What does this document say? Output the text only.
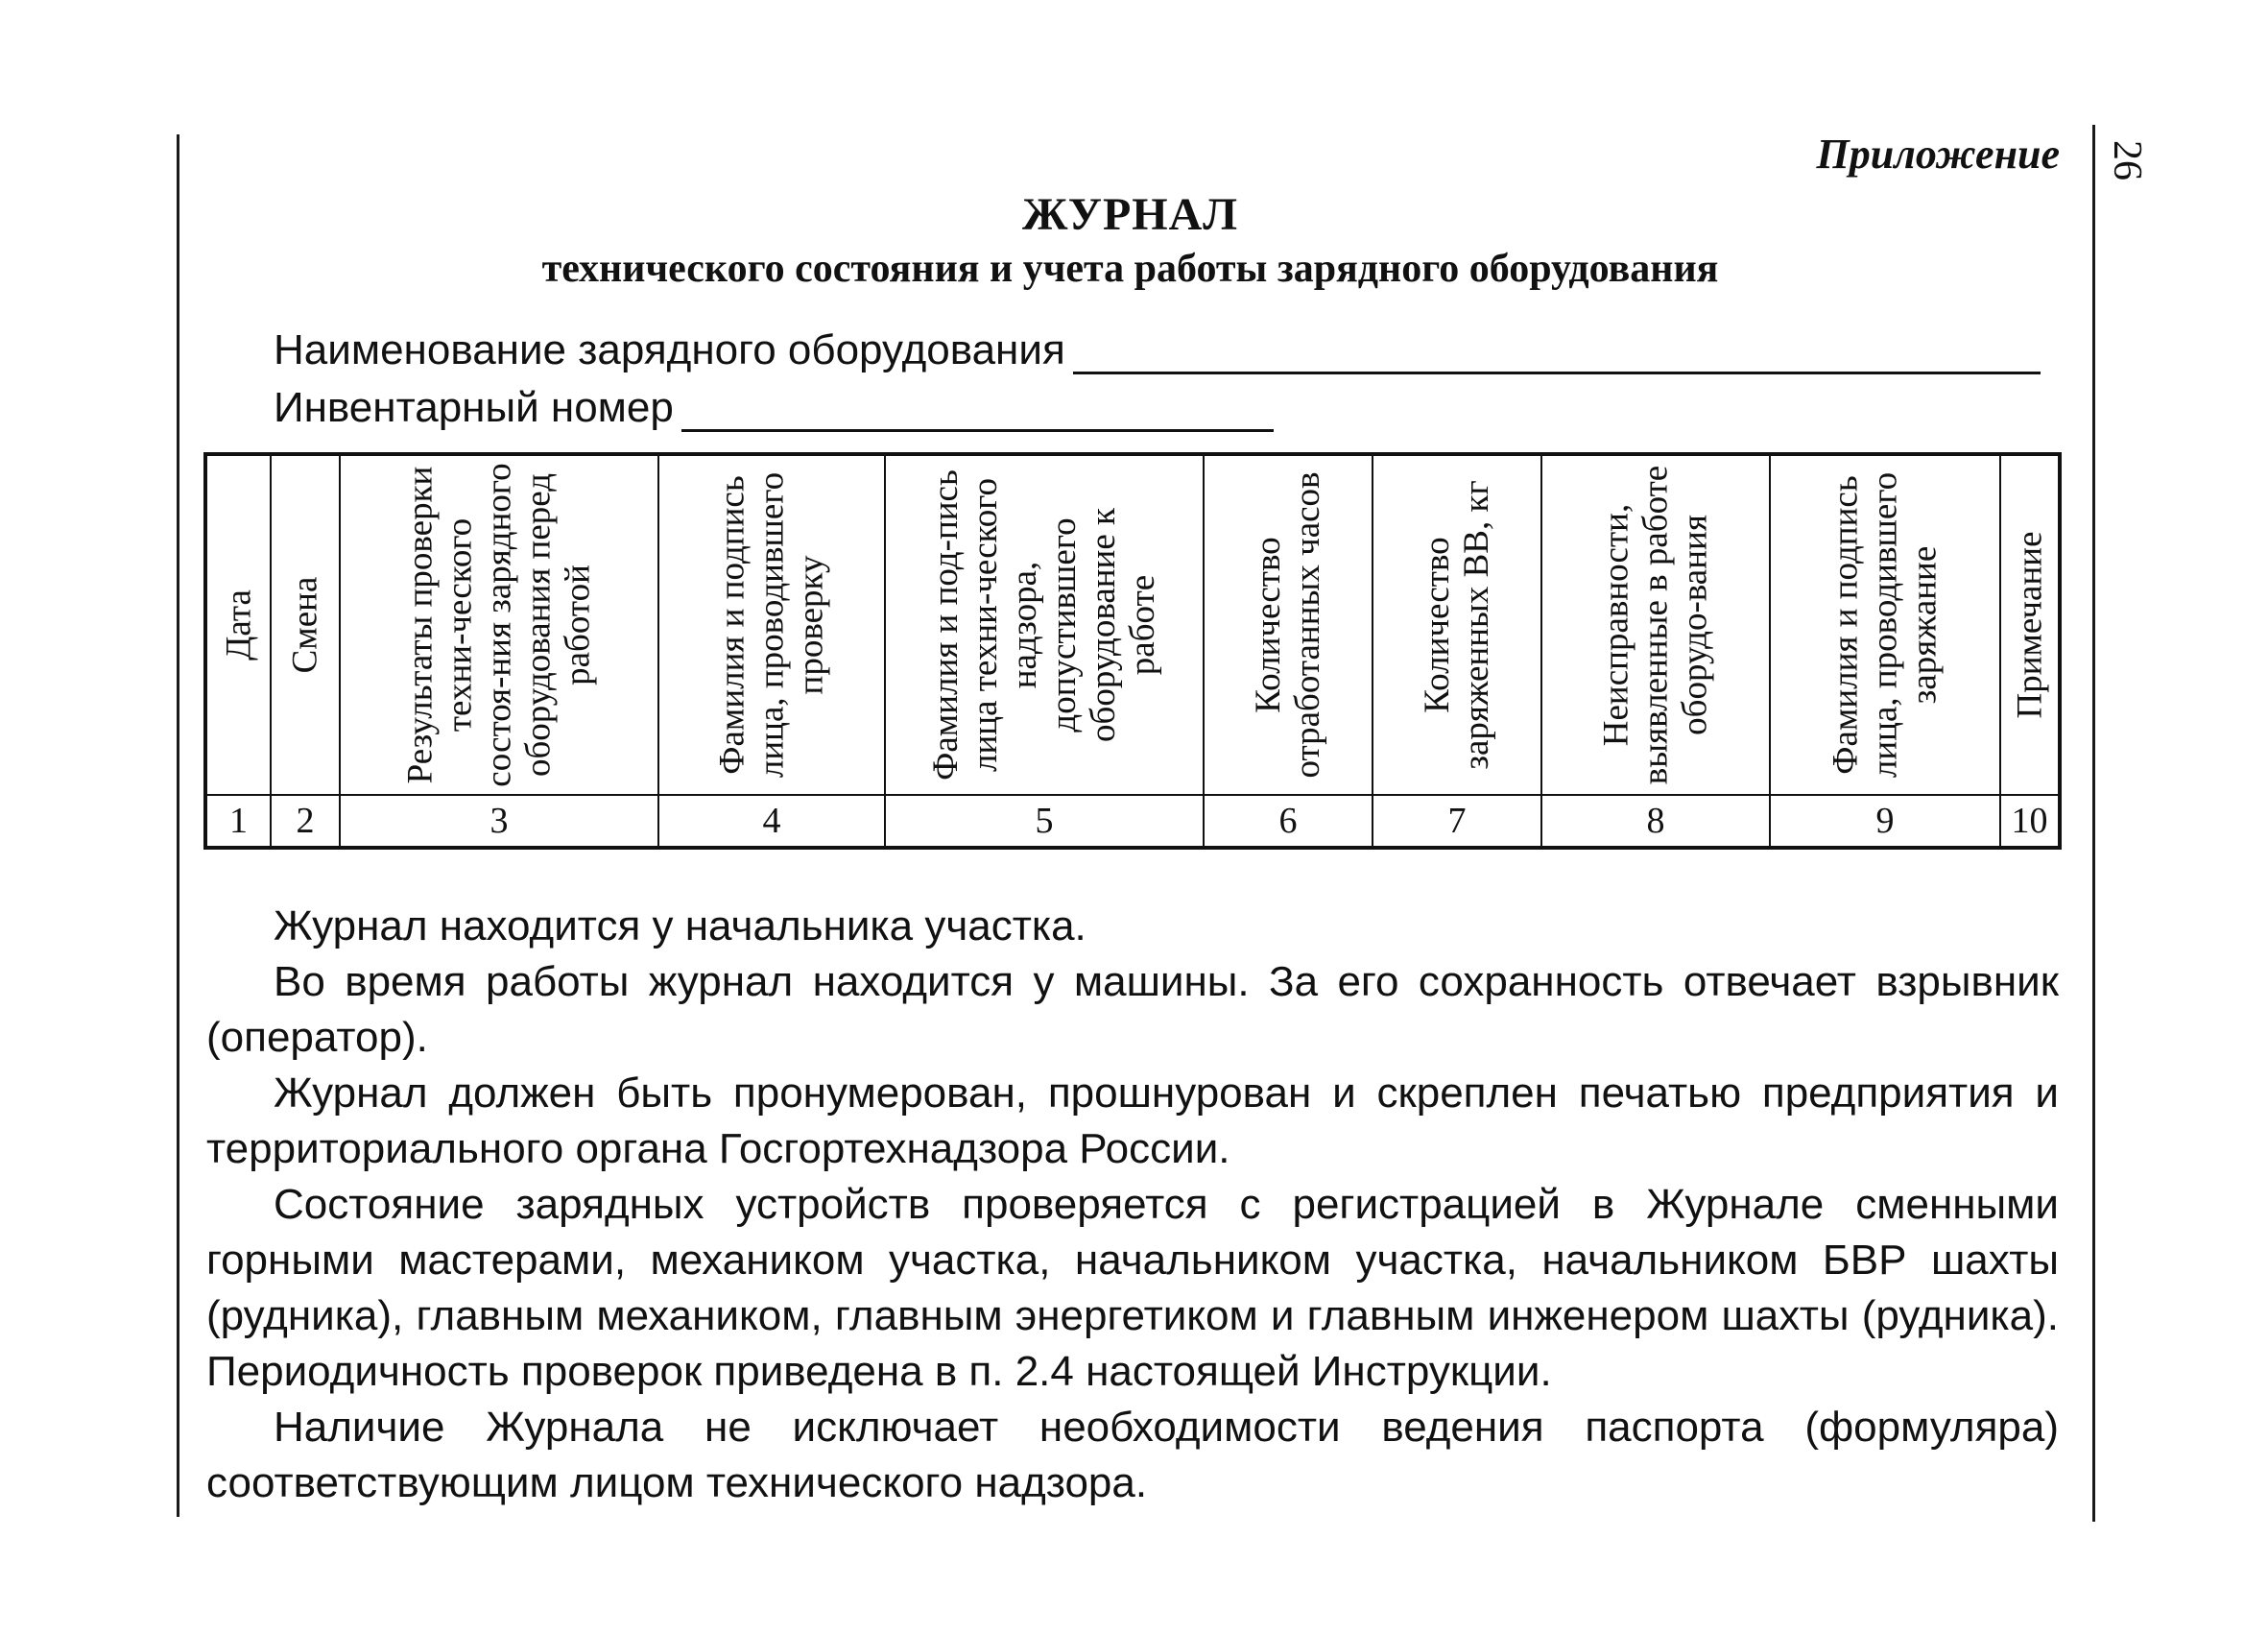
26
Приложение
ЖУРНАЛ
технического состояния и учета работы зарядного оборудования
Наименование зарядного оборудования
Инвентарный номер
Дата	Смена	Результаты проверки техни-ческого состоя-ния зарядного оборудования перед работой	Фамилия и подпись лица, проводившего проверку	Фамилия и под-пись лица техни-ческого надзора, допустившего оборудование к работе	Количество отработанных часов	Количество заряженных ВВ, кг	Неисправности, выявленные в работе оборудо-вания	Фамилия и подпись лица, проводившего заряжание	Примечание

1	2	3	4	5	6	7	8	9	10

Журнал находится у начальника участка.

Во время работы журнал находится у машины. За его сохранность отвечает взрывник (оператор).

Журнал должен быть пронумерован, прошнурован и скреплен печатью предприятия и территориального органа Госгортехнадзора России.

Состояние зарядных устройств проверяется с регистрацией в Журнале сменными горными мастерами, механиком участка, начальником участка, начальником БВР шахты (рудника), главным механиком, главным энергетиком и главным инженером шахты (рудника). Периодичность проверок приведена в п. 2.4 настоящей Инструкции.

Наличие Журнала не исключает необходимости ведения паспорта (формуляра) соответствующим лицом технического надзора.
